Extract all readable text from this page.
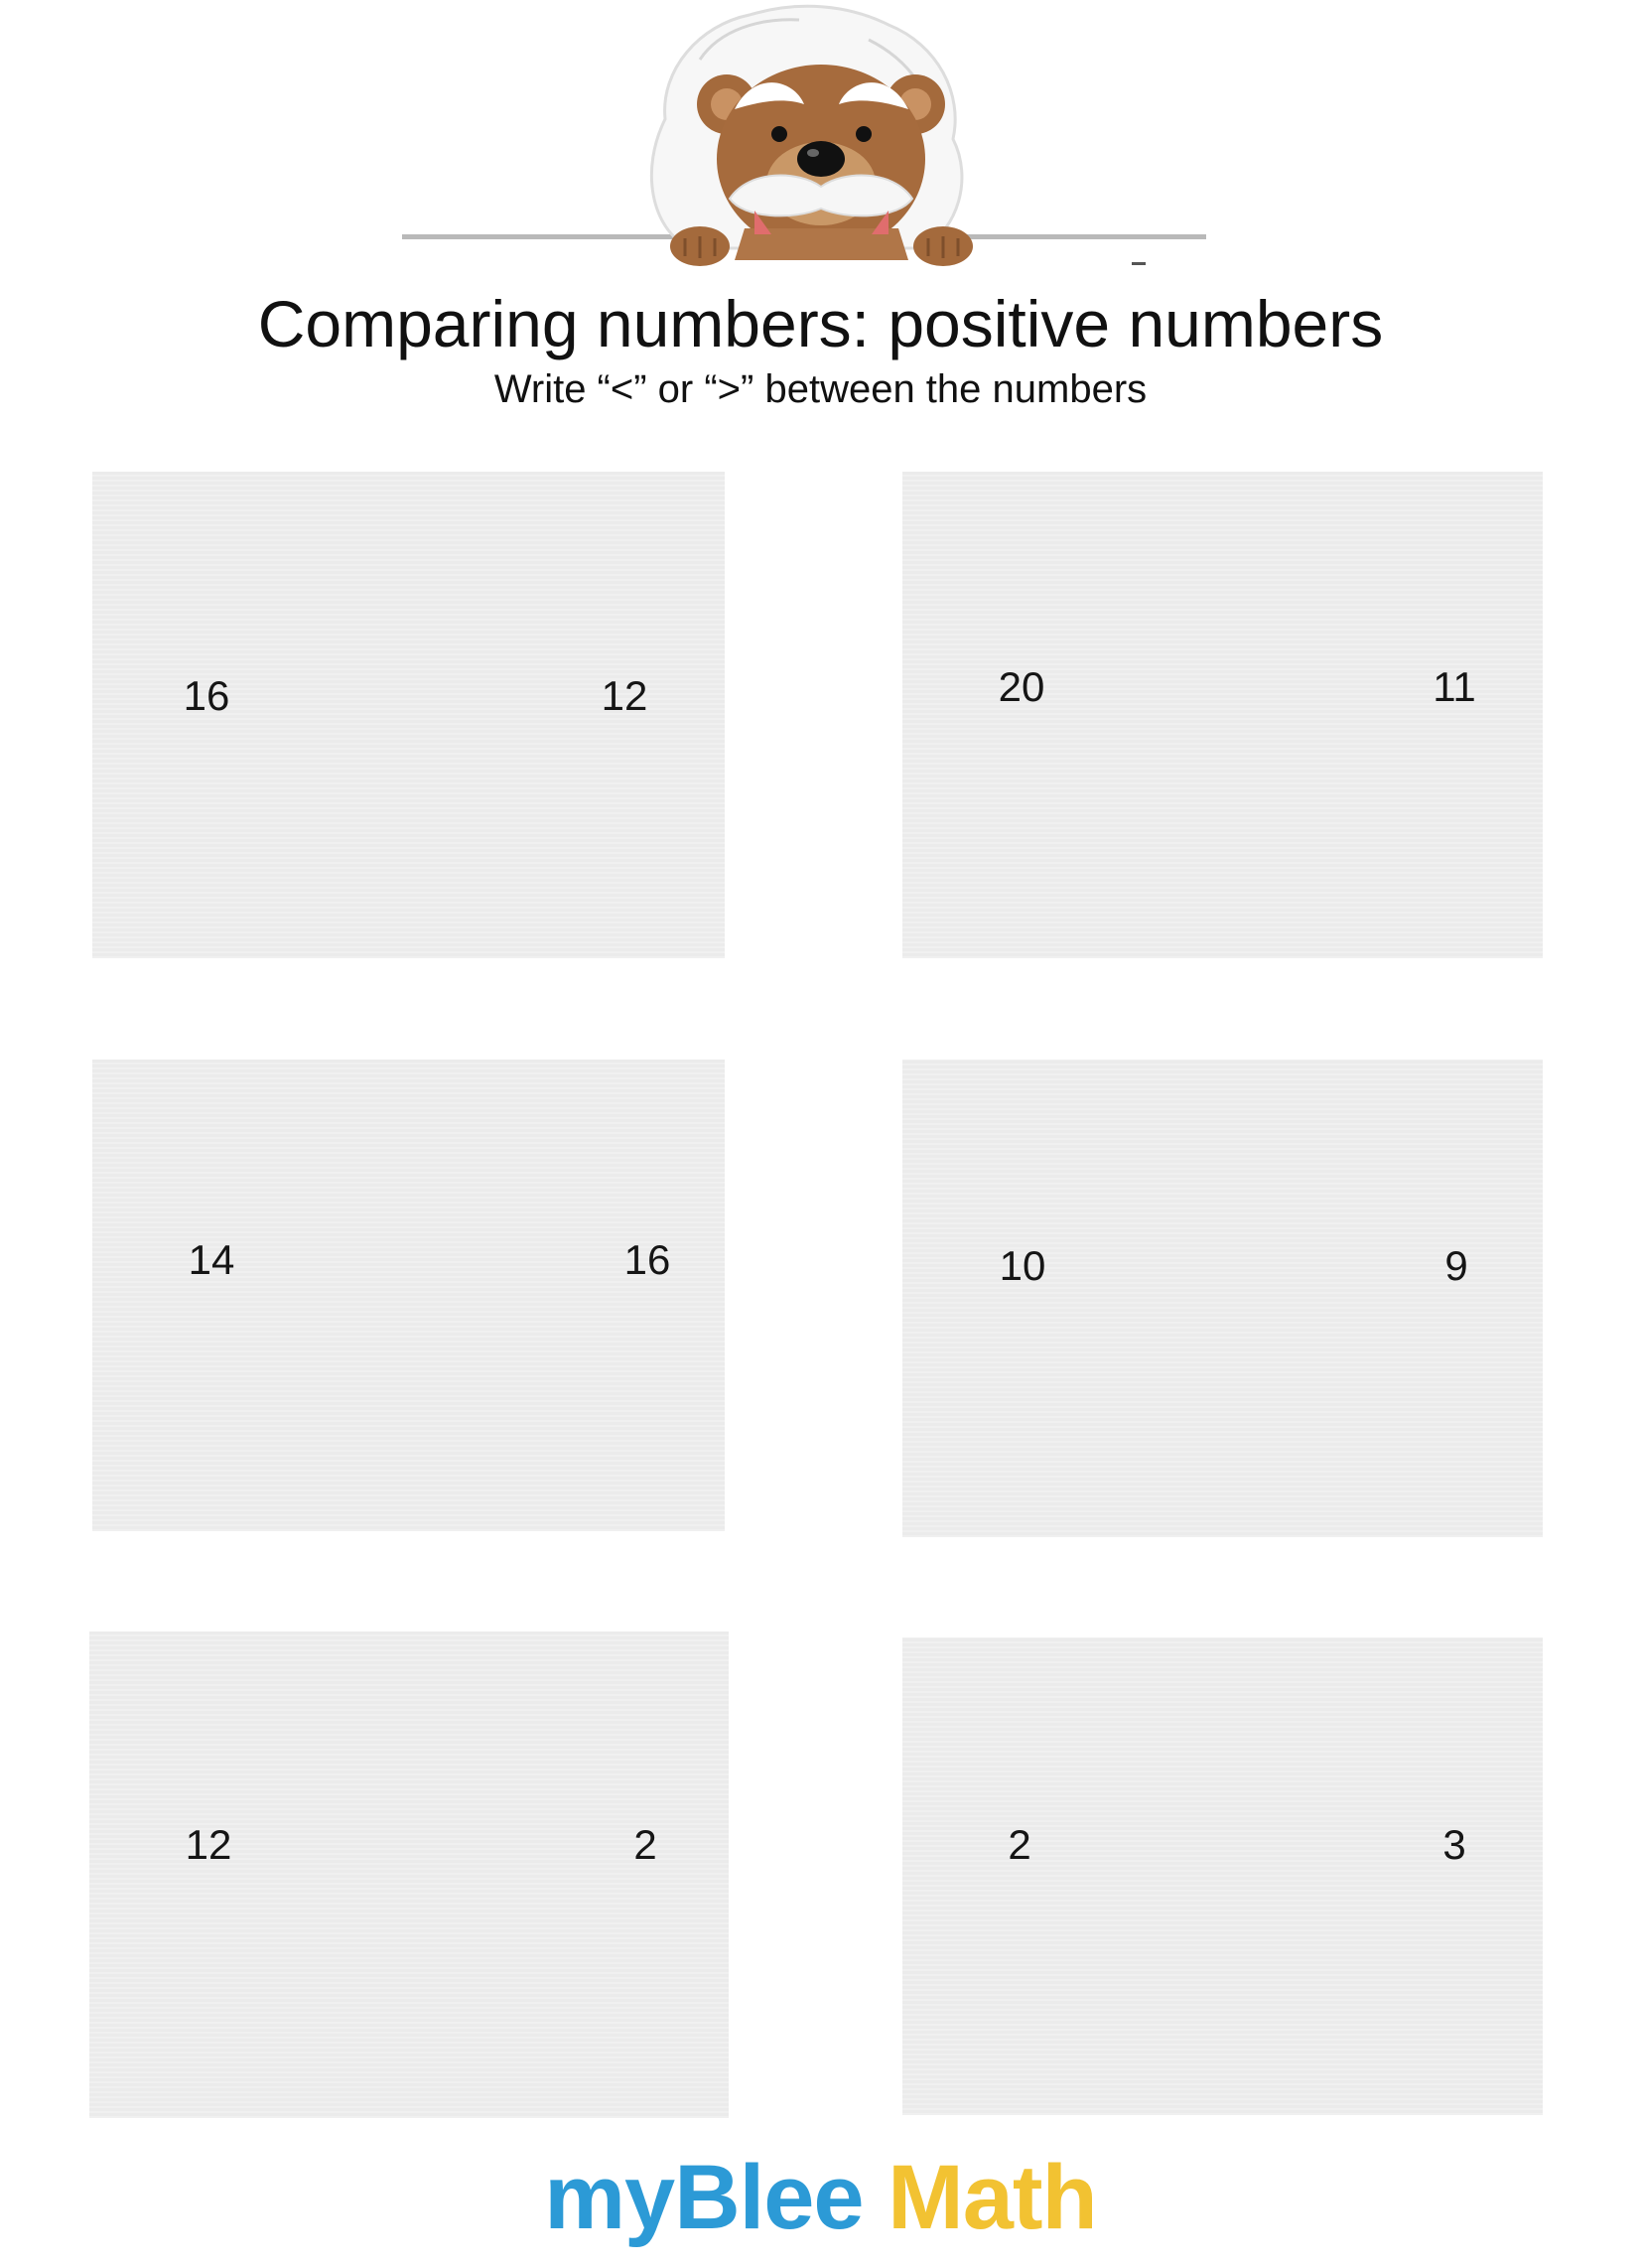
Comparing numbers: positive numbers

Write “<” or “>” between the numbers

16	12	20	11
14	16	10	9
12	2	2	3
myBlee Math
